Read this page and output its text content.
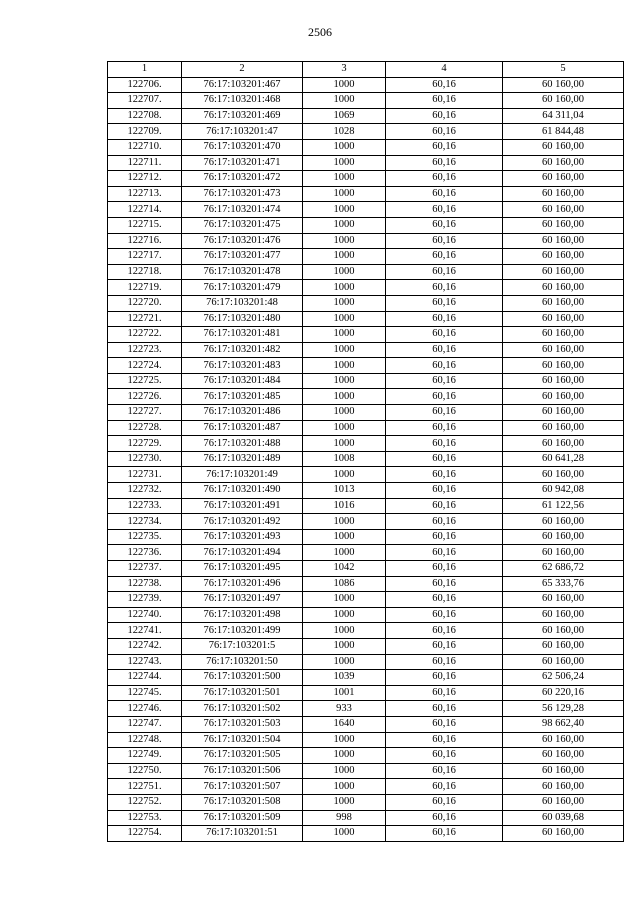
2506
1	2	3	4	5
122706.	76:17:103201:467	1000	60,16	60 160,00
122707.	76:17:103201:468	1000	60,16	60 160,00
122708.	76:17:103201:469	1069	60,16	64 311,04
122709.	76:17:103201:47	1028	60,16	61 844,48
122710.	76:17:103201:470	1000	60,16	60 160,00
122711.	76:17:103201:471	1000	60,16	60 160,00
122712.	76:17:103201:472	1000	60,16	60 160,00
122713.	76:17:103201:473	1000	60,16	60 160,00
122714.	76:17:103201:474	1000	60,16	60 160,00
122715.	76:17:103201:475	1000	60,16	60 160,00
122716.	76:17:103201:476	1000	60,16	60 160,00
122717.	76:17:103201:477	1000	60,16	60 160,00
122718.	76:17:103201:478	1000	60,16	60 160,00
122719.	76:17:103201:479	1000	60,16	60 160,00
122720.	76:17:103201:48	1000	60,16	60 160,00
122721.	76:17:103201:480	1000	60,16	60 160,00
122722.	76:17:103201:481	1000	60,16	60 160,00
122723.	76:17:103201:482	1000	60,16	60 160,00
122724.	76:17:103201:483	1000	60,16	60 160,00
122725.	76:17:103201:484	1000	60,16	60 160,00
122726.	76:17:103201:485	1000	60,16	60 160,00
122727.	76:17:103201:486	1000	60,16	60 160,00
122728.	76:17:103201:487	1000	60,16	60 160,00
122729.	76:17:103201:488	1000	60,16	60 160,00
122730.	76:17:103201:489	1008	60,16	60 641,28
122731.	76:17:103201:49	1000	60,16	60 160,00
122732.	76:17:103201:490	1013	60,16	60 942,08
122733.	76:17:103201:491	1016	60,16	61 122,56
122734.	76:17:103201:492	1000	60,16	60 160,00
122735.	76:17:103201:493	1000	60,16	60 160,00
122736.	76:17:103201:494	1000	60,16	60 160,00
122737.	76:17:103201:495	1042	60,16	62 686,72
122738.	76:17:103201:496	1086	60,16	65 333,76
122739.	76:17:103201:497	1000	60,16	60 160,00
122740.	76:17:103201:498	1000	60,16	60 160,00
122741.	76:17:103201:499	1000	60,16	60 160,00
122742.	76:17:103201:5	1000	60,16	60 160,00
122743.	76:17:103201:50	1000	60,16	60 160,00
122744.	76:17:103201:500	1039	60,16	62 506,24
122745.	76:17:103201:501	1001	60,16	60 220,16
122746.	76:17:103201:502	933	60,16	56 129,28
122747.	76:17:103201:503	1640	60,16	98 662,40
122748.	76:17:103201:504	1000	60,16	60 160,00
122749.	76:17:103201:505	1000	60,16	60 160,00
122750.	76:17:103201:506	1000	60,16	60 160,00
122751.	76:17:103201:507	1000	60,16	60 160,00
122752.	76:17:103201:508	1000	60,16	60 160,00
122753.	76:17:103201:509	998	60,16	60 039,68
122754.	76:17:103201:51	1000	60,16	60 160,00
